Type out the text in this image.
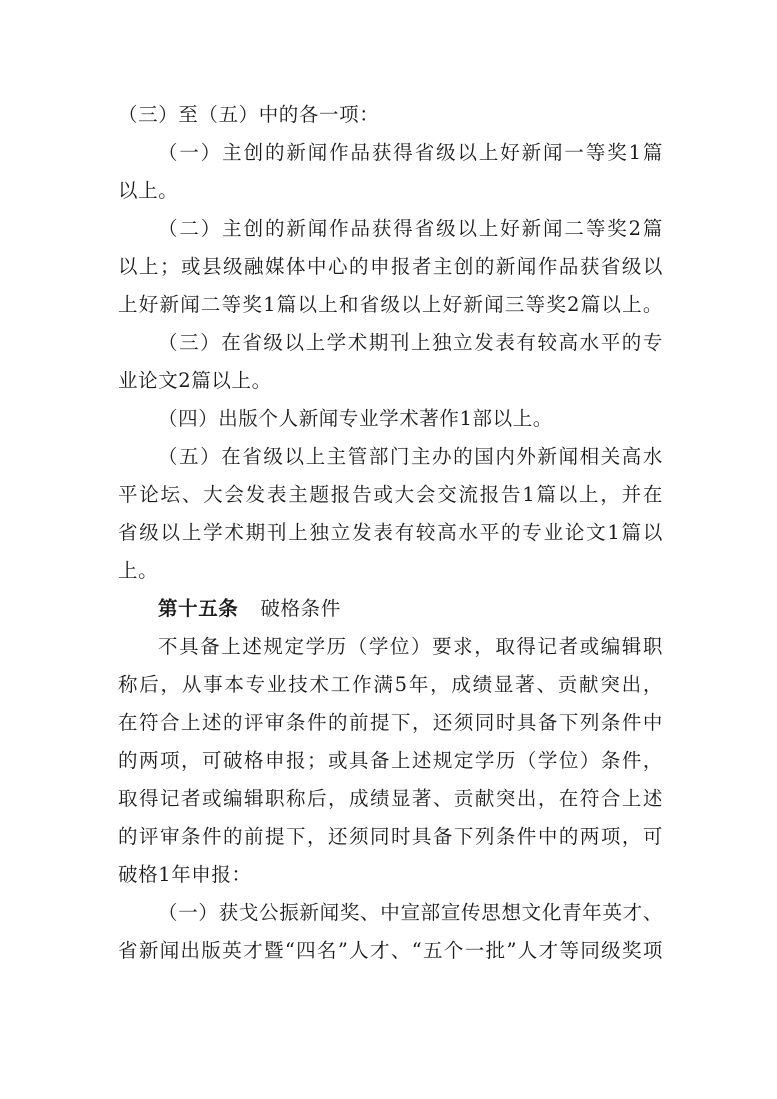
（三）至（五）中的各一项：
（一）主创的新闻作品获得省级以上好新闻一等奖1篇
以上。
（二）主创的新闻作品获得省级以上好新闻二等奖2篇
以上；或县级融媒体中心的申报者主创的新闻作品获省级以
上好新闻二等奖1篇以上和省级以上好新闻三等奖2篇以上。
（三）在省级以上学术期刊上独立发表有较高水平的专
业论文2篇以上。
（四）出版个人新闻专业学术著作1部以上。
（五）在省级以上主管部门主办的国内外新闻相关高水
平论坛、大会发表主题报告或大会交流报告1篇以上，并在
省级以上学术期刊上独立发表有较高水平的专业论文1篇以
上。
第十五条 破格条件
不具备上述规定学历（学位）要求，取得记者或编辑职
称后，从事本专业技术工作满5年，成绩显著、贡献突出，
在符合上述的评审条件的前提下，还须同时具备下列条件中
的两项，可破格申报；或具备上述规定学历（学位）条件，
取得记者或编辑职称后，成绩显著、贡献突出，在符合上述
的评审条件的前提下，还须同时具备下列条件中的两项，可
破格1年申报：
（一）获戈公振新闻奖、中宣部宣传思想文化青年英才、
省新闻出版英才暨“四名”人才、“五个一批”人才等同级奖项
